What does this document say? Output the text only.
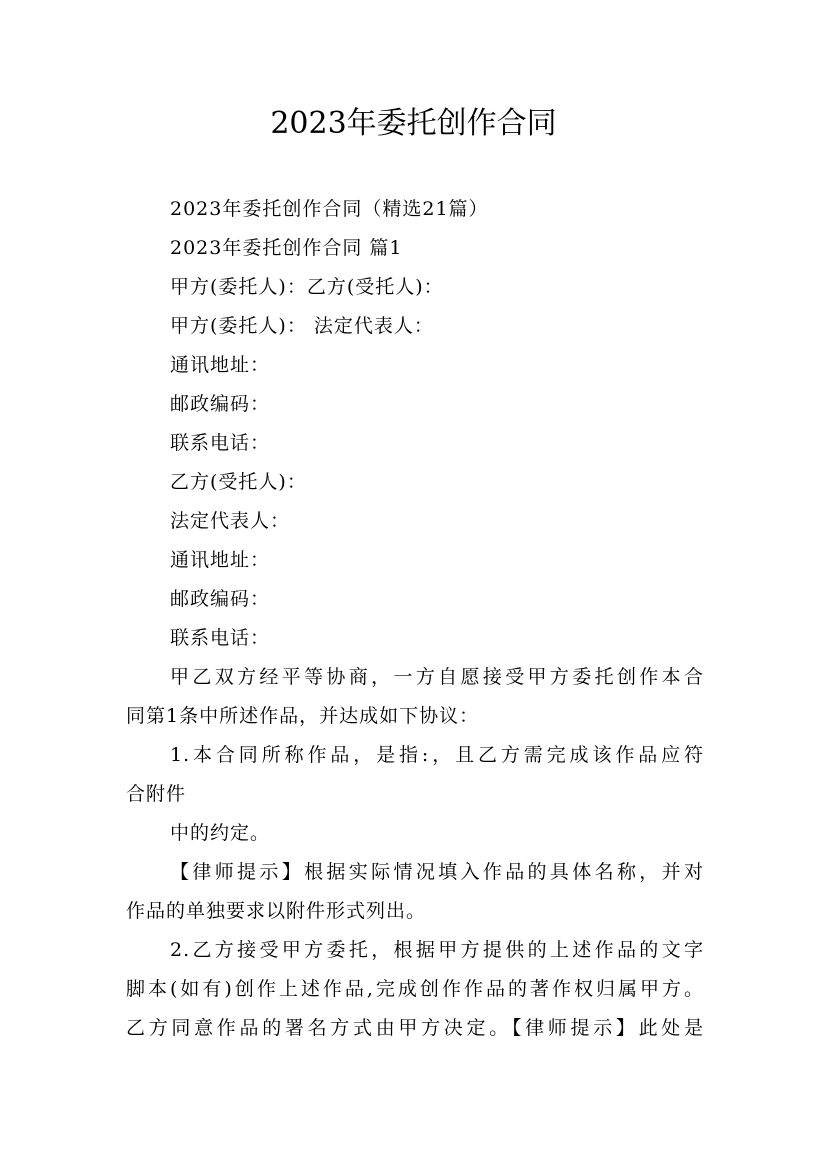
2023年委托创作合同
2023年委托创作合同（精选21篇）
2023年委托创作合同 篇1
甲方(委托人)：乙方(受托人)：
甲方(委托人)： 法定代表人：
通讯地址：
邮政编码：
联系电话：
乙方(受托人)：
法定代表人：
通讯地址：
邮政编码：
联系电话：
甲乙双方经平等协商，一方自愿接受甲方委托创作本合
同第1条中所述作品，并达成如下协议：
1.本合同所称作品，是指:，且乙方需完成该作品应符
合附件
中的约定。
【律师提示】根据实际情况填入作品的具体名称，并对
作品的单独要求以附件形式列出。
2.乙方接受甲方委托，根据甲方提供的上述作品的文字
脚本(如有)创作上述作品,完成创作作品的著作权归属甲方。
乙方同意作品的署名方式由甲方决定。【律师提示】此处是
